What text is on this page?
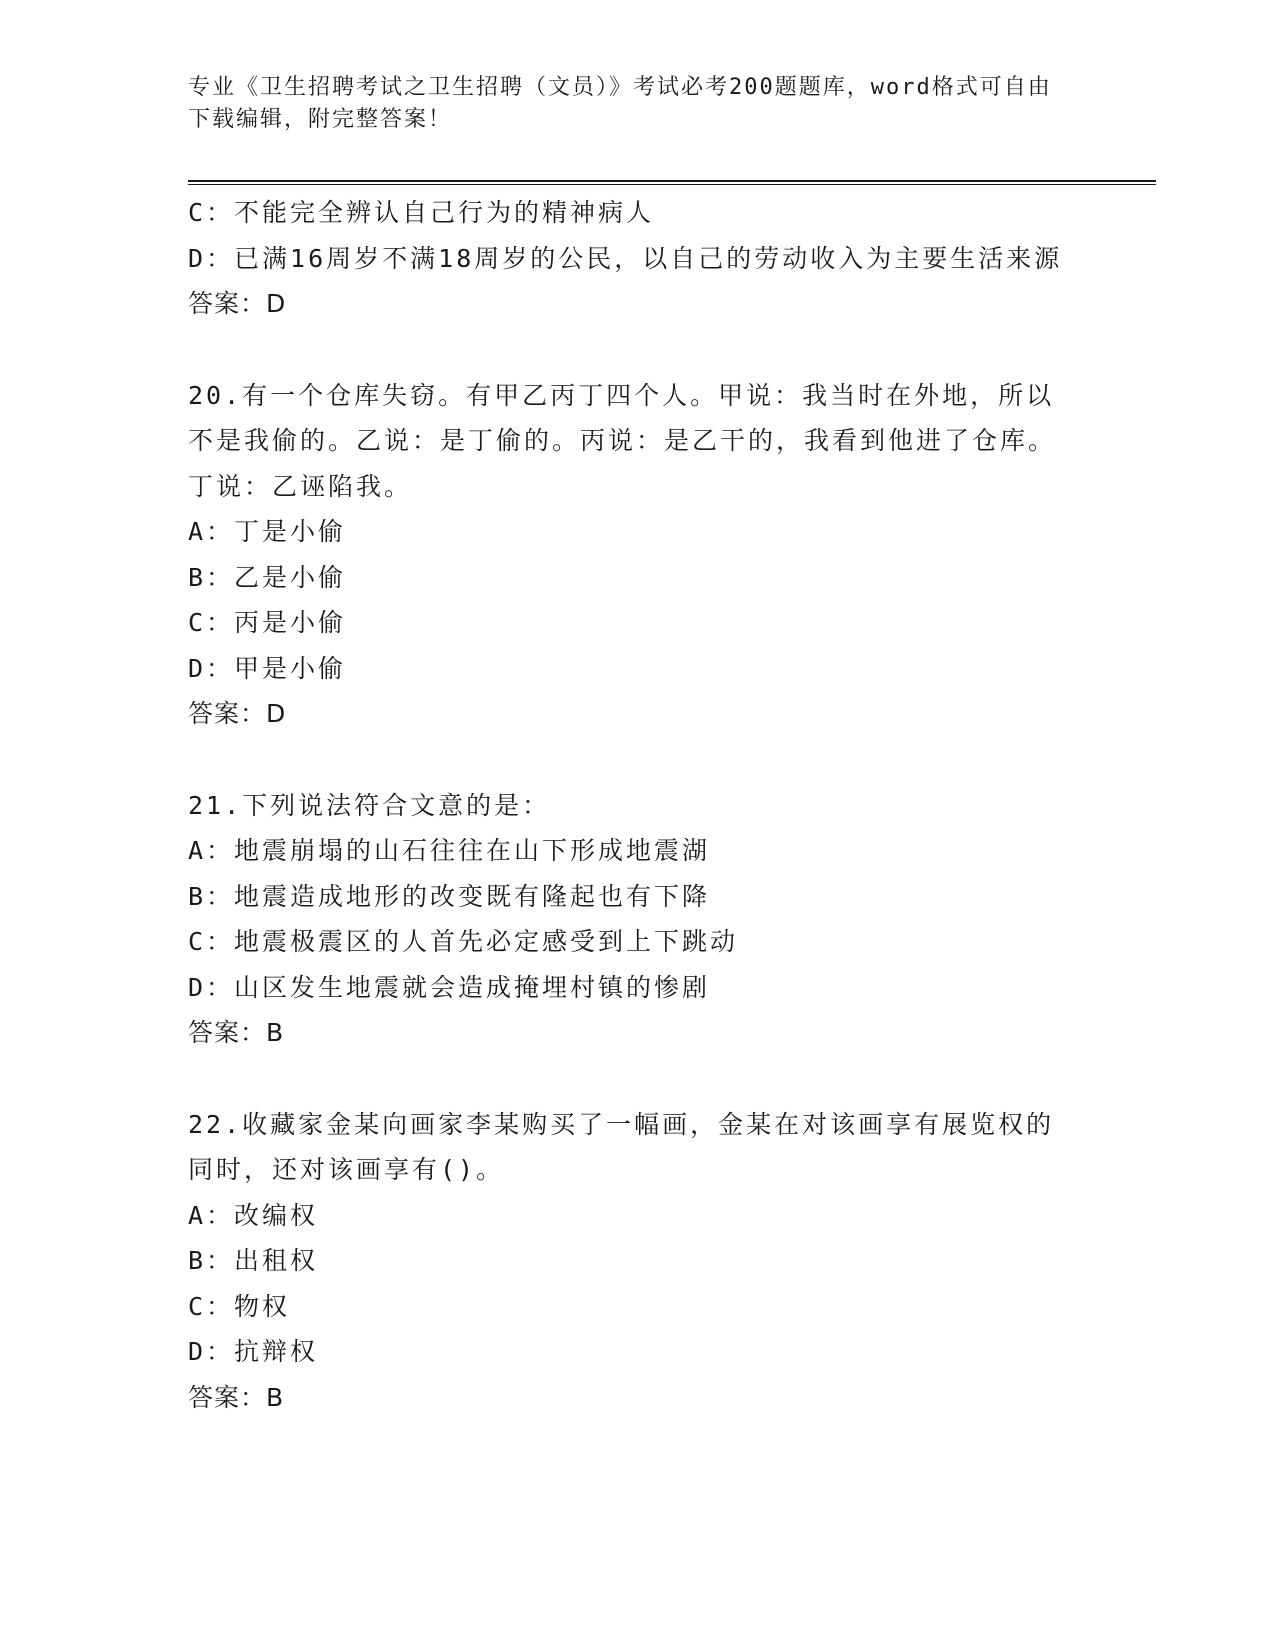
专业《卫生招聘考试之卫生招聘（文员）》考试必考200题题库，word格式可自由下载编辑，附完整答案！
C：不能完全辨认自己行为的精神病人
D：已满16周岁不满18周岁的公民，以自己的劳动收入为主要生活来源
答案：D
20.有一个仓库失窃。有甲乙丙丁四个人。甲说：我当时在外地，所以不是我偷的。乙说：是丁偷的。丙说：是乙干的，我看到他进了仓库。丁说：乙诬陷我。
A：丁是小偷
B：乙是小偷
C：丙是小偷
D：甲是小偷
答案：D
21.下列说法符合文意的是：
A：地震崩塌的山石往往在山下形成地震湖
B：地震造成地形的改变既有隆起也有下降
C：地震极震区的人首先必定感受到上下跳动
D：山区发生地震就会造成掩埋村镇的惨剧
答案：B
22.收藏家金某向画家李某购买了一幅画，金某在对该画享有展览权的同时，还对该画享有()。
A：改编权
B：出租权
C：物权
D：抗辩权
答案：B
